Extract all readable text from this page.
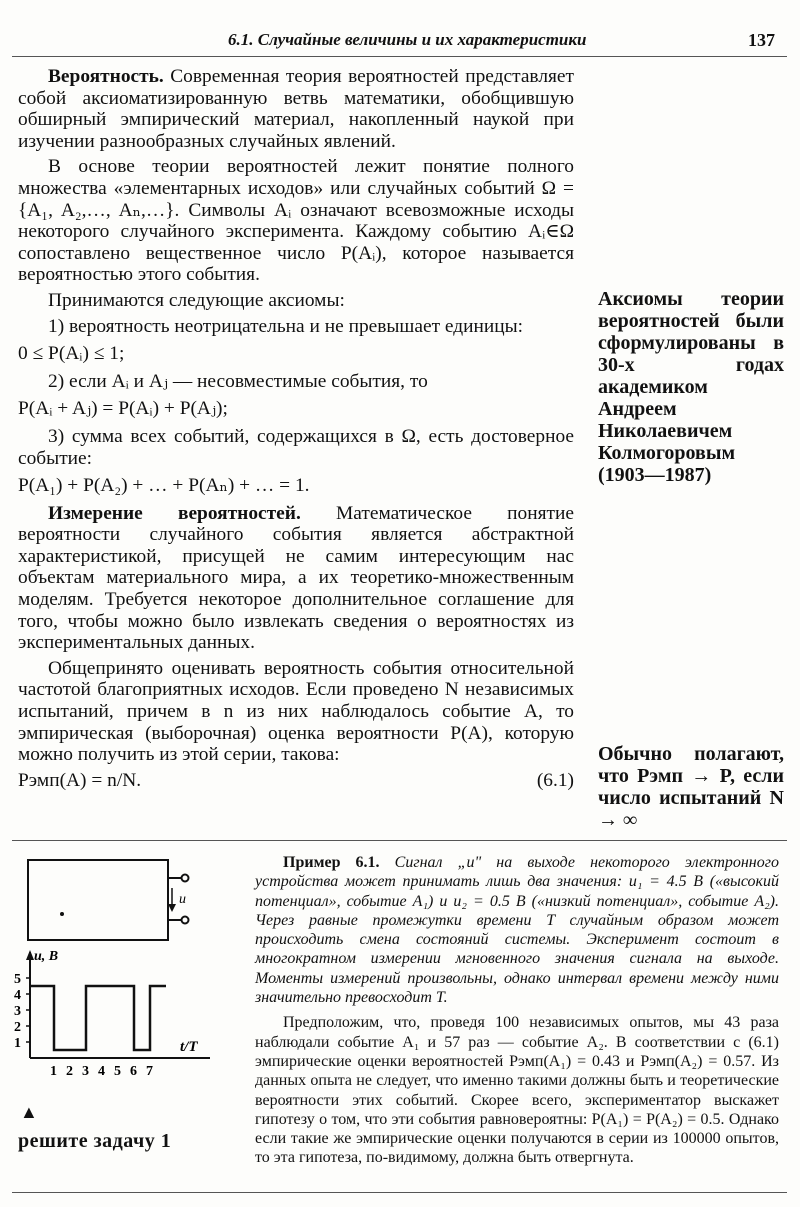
6.1. Случайные величины и их характеристики	137

Вероятность. Современная теория вероятностей представляет собой аксиоматизированную ветвь математики, обобщившую обширный эмпирический материал, накопленный наукой при изучении разнообразных случайных явлений.

В основе теории вероятностей лежит понятие полного множества «элементарных исходов» или случайных событий Ω = {A₁, A₂,…, Aₙ,…}. Символы Aᵢ означают всевозможные исходы некоторого случайного эксперимента. Каждому событию Aᵢ∈Ω сопоставлено вещественное число P(Aᵢ), которое называется вероятностью этого события.

Принимаются следующие аксиомы:

1) вероятность неотрицательна и не превышает единицы:

0 ≤ P(Aᵢ) ≤ 1;

2) если Aᵢ и Aⱼ — несовместимые события, то

P(Aᵢ + Aⱼ) = P(Aᵢ) + P(Aⱼ);

3) сумма всех событий, содержащихся в Ω, есть достоверное событие:

P(A₁) + P(A₂) + … + P(Aₙ) + … = 1.

Измерение вероятностей. Математическое понятие вероятности случайного события является абстрактной характеристикой, присущей не самим интересующим нас объектам материального мира, а их теоретико-множественным моделям. Требуется некоторое дополнительное соглашение для того, чтобы можно было извлекать сведения о вероятностях из экспериментальных данных.

Общепринято оценивать вероятность события относительной частотой благоприятных исходов. Если проведено N независимых испытаний, причем в n из них наблюдалось событие A, то эмпирическая (выборочная) оценка вероятности P(A), которую можно получить из этой серии, такова:

Pэмп(A) = n/N.	(6.1)
Аксиомы теории вероятностей были сформулированы в 30-х годах академиком Андреем Николаевичем Колмогоровым (1903—1987)
Обычно полагают, что Pэмп → P, если число испытаний N → ∞
u
u, В
t/T
1
2
3
4
5
1 2 3 4 5 6 7

Пример 6.1. Сигнал „u" на выходе некоторого электронного устройства может принимать лишь два значения: u₁ = 4.5 В («высокий потенциал», событие A₁) и u₂ = 0.5 В («низкий потенциал», событие A₂). Через равные промежутки времени T случайным образом может происходить смена состояний системы. Эксперимент состоит в многократном измерении мгновенного значения сигнала на выходе. Моменты измерений произвольны, однако интервал времени между ними значительно превосходит T.

Предположим, что, проведя 100 независимых опытов, мы 43 раза наблюдали событие A₁ и 57 раз — событие A₂. В соответствии с (6.1) эмпирические оценки вероятностей Pэмп(A₁) = 0.43 и Pэмп(A₂) = 0.57. Из данных опыта не следует, что именно такими должны быть и теоретические вероятности этих событий. Скорее всего, экспериментатор выскажет гипотезу о том, что эти события равновероятны: P(A₁) = P(A₂) = 0.5. Однако если такие же эмпирические оценки получаются в серии из 100000 опытов, то эта гипотеза, по-видимому, должна быть отвергнута.

▲
решите задачу 1
